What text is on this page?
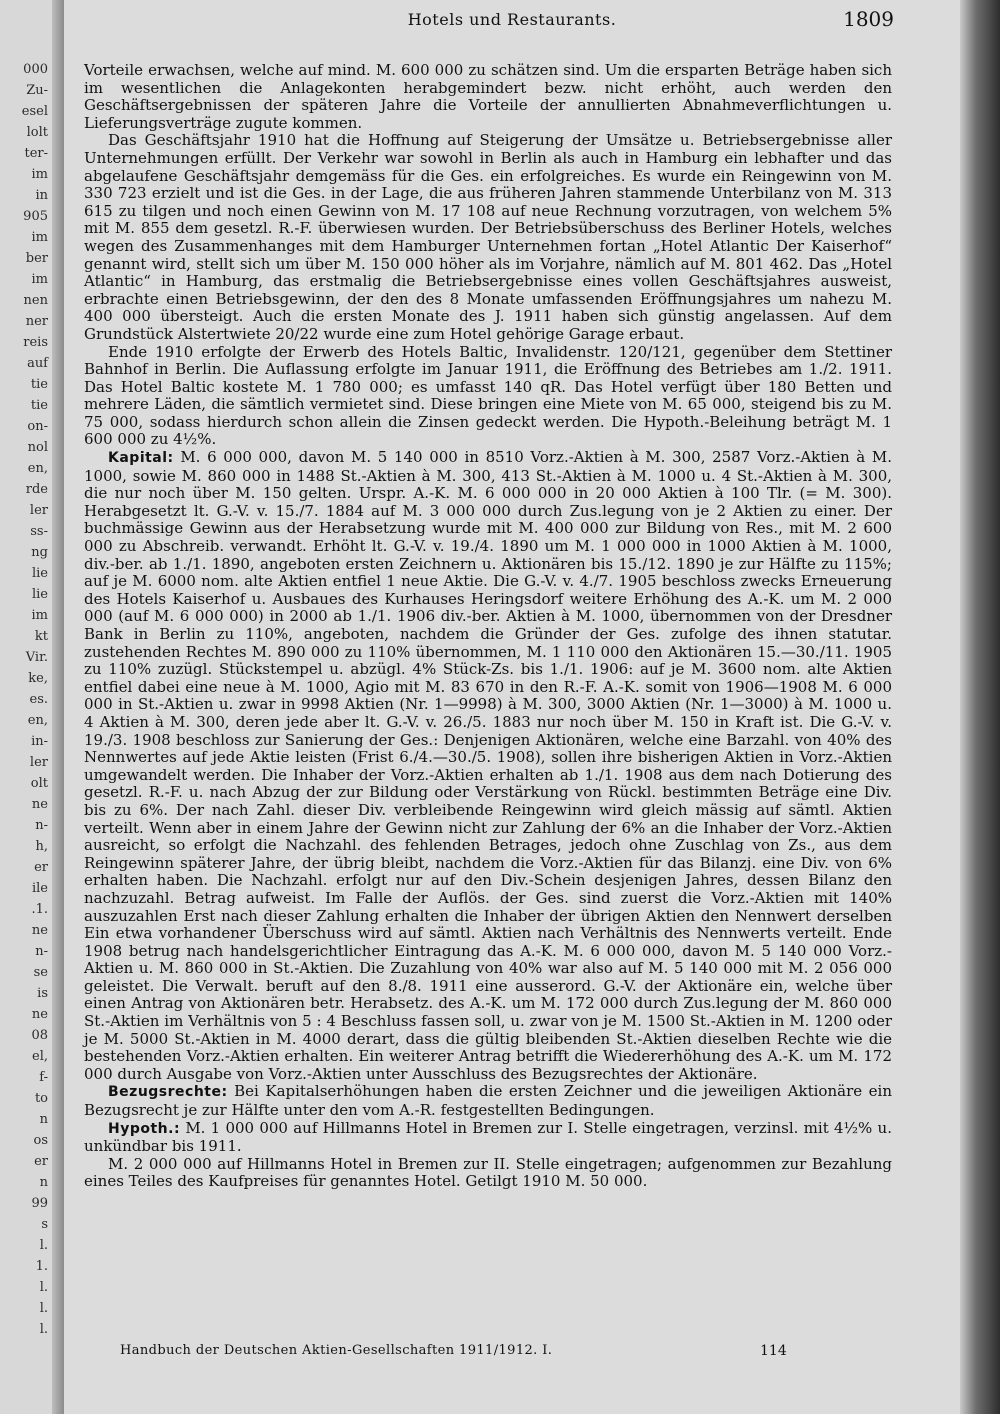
000
Zu-
esel
lolt
ter-
im
in
905
im
ber
im
nen
ner
reis
auf
tie
tie
on-
nol
en,
rde
ler
ss-
ng
lie
lie
im
kt
Vir.
ke,
es.
en,
in-
ler
olt
ne
n-
h,
er
ile
.1.
ne
n-
se
is
ne
08
el,
f-
to
n
os
er
n
99
s
l.
1.
l.
l.
l.
Hotels und Restaurants.	1809

Vorteile erwachsen, welche auf mind. M. 600 000 zu schätzen sind. Um die ersparten Beträge haben sich im wesentlichen die Anlagekonten herabgemindert bezw. nicht erhöht, auch werden den Geschäftsergebnissen der späteren Jahre die Vorteile der annullierten Abnahmeverflichtungen u. Lieferungsverträge zugute kommen.

Das Geschäftsjahr 1910 hat die Hoffnung auf Steigerung der Umsätze u. Betriebsergebnisse aller Unternehmungen erfüllt. Der Verkehr war sowohl in Berlin als auch in Hamburg ein lebhafter und das abgelaufene Geschäftsjahr demgemäss für die Ges. ein erfolgreiches. Es wurde ein Reingewinn von M. 330 723 erzielt und ist die Ges. in der Lage, die aus früheren Jahren stammende Unterbilanz von M. 313 615 zu tilgen und noch einen Gewinn von M. 17 108 auf neue Rechnung vorzutragen, von welchem 5% mit M. 855 dem gesetzl. R.-F. überwiesen wurden. Der Betriebsüberschuss des Berliner Hotels, welches wegen des Zusammenhanges mit dem Hamburger Unternehmen fortan „Hotel Atlantic Der Kaiserhof“ genannt wird, stellt sich um über M. 150 000 höher als im Vorjahre, nämlich auf M. 801 462. Das „Hotel Atlantic“ in Hamburg, das erstmalig die Betriebsergebnisse eines vollen Geschäftsjahres ausweist, erbrachte einen Betriebsgewinn, der den des 8 Monate umfassenden Eröffnungsjahres um nahezu M. 400 000 übersteigt. Auch die ersten Monate des J. 1911 haben sich günstig angelassen. Auf dem Grundstück Alstertwiete 20/22 wurde eine zum Hotel gehörige Garage erbaut.

Ende 1910 erfolgte der Erwerb des Hotels Baltic, Invalidenstr. 120/121, gegenüber dem Stettiner Bahnhof in Berlin. Die Auflassung erfolgte im Januar 1911, die Eröffnung des Betriebes am 1./2. 1911. Das Hotel Baltic kostete M. 1 780 000; es umfasst 140 qR. Das Hotel verfügt über 180 Betten und mehrere Läden, die sämtlich vermietet sind. Diese bringen eine Miete von M. 65 000, steigend bis zu M. 75 000, sodass hierdurch schon allein die Zinsen gedeckt werden. Die Hypoth.-Beleihung beträgt M. 1 600 000 zu 4½%.

Kapital: M. 6 000 000, davon M. 5 140 000 in 8510 Vorz.-Aktien à M. 300, 2587 Vorz.-Aktien à M. 1000, sowie M. 860 000 in 1488 St.-Aktien à M. 300, 413 St.-Aktien à M. 1000 u. 4 St.-Aktien à M. 300, die nur noch über M. 150 gelten. Urspr. A.-K. M. 6 000 000 in 20 000 Aktien à 100 Tlr. (= M. 300). Herabgesetzt lt. G.-V. v. 15./7. 1884 auf M. 3 000 000 durch Zus.legung von je 2 Aktien zu einer. Der buchmässige Gewinn aus der Herabsetzung wurde mit M. 400 000 zur Bildung von Res., mit M. 2 600 000 zu Abschreib. verwandt. Erhöht lt. G.-V. v. 19./4. 1890 um M. 1 000 000 in 1000 Aktien à M. 1000, div.-ber. ab 1./1. 1890, angeboten ersten Zeichnern u. Aktionären bis 15./12. 1890 je zur Hälfte zu 115%; auf je M. 6000 nom. alte Aktien entfiel 1 neue Aktie. Die G.-V. v. 4./7. 1905 beschloss zwecks Erneuerung des Hotels Kaiserhof u. Ausbaues des Kurhauses Heringsdorf weitere Erhöhung des A.-K. um M. 2 000 000 (auf M. 6 000 000) in 2000 ab 1./1. 1906 div.-ber. Aktien à M. 1000, übernommen von der Dresdner Bank in Berlin zu 110%, angeboten, nachdem die Gründer der Ges. zufolge des ihnen statutar. zustehenden Rechtes M. 890 000 zu 110% übernommen, M. 1 110 000 den Aktionären 15.—30./11. 1905 zu 110% zuzügl. Stückstempel u. abzügl. 4% Stück-Zs. bis 1./1. 1906: auf je M. 3600 nom. alte Aktien entfiel dabei eine neue à M. 1000, Agio mit M. 83 670 in den R.-F. A.-K. somit von 1906—1908 M. 6 000 000 in St.-Aktien u. zwar in 9998 Aktien (Nr. 1—9998) à M. 300, 3000 Aktien (Nr. 1—3000) à M. 1000 u. 4 Aktien à M. 300, deren jede aber lt. G.-V. v. 26./5. 1883 nur noch über M. 150 in Kraft ist. Die G.-V. v. 19./3. 1908 beschloss zur Sanierung der Ges.: Denjenigen Aktionären, welche eine Barzahl. von 40% des Nennwertes auf jede Aktie leisten (Frist 6./4.—30./5. 1908), sollen ihre bisherigen Aktien in Vorz.-Aktien umgewandelt werden. Die Inhaber der Vorz.-Aktien erhalten ab 1./1. 1908 aus dem nach Dotierung des gesetzl. R.-F. u. nach Abzug der zur Bildung oder Verstärkung von Rückl. bestimmten Beträge eine Div. bis zu 6%. Der nach Zahl. dieser Div. verbleibende Reingewinn wird gleich mässig auf sämtl. Aktien verteilt. Wenn aber in einem Jahre der Gewinn nicht zur Zahlung der 6% an die Inhaber der Vorz.-Aktien ausreicht, so erfolgt die Nachzahl. des fehlenden Betrages, jedoch ohne Zuschlag von Zs., aus dem Reingewinn späterer Jahre, der übrig bleibt, nachdem die Vorz.-Aktien für das Bilanzj. eine Div. von 6% erhalten haben. Die Nachzahl. erfolgt nur auf den Div.-Schein desjenigen Jahres, dessen Bilanz den nachzuzahl. Betrag aufweist. Im Falle der Auflös. der Ges. sind zuerst die Vorz.-Aktien mit 140% auszuzahlen Erst nach dieser Zahlung erhalten die Inhaber der übrigen Aktien den Nennwert derselben Ein etwa vorhandener Überschuss wird auf sämtl. Aktien nach Verhältnis des Nennwerts verteilt. Ende 1908 betrug nach handelsgerichtlicher Eintragung das A.-K. M. 6 000 000, davon M. 5 140 000 Vorz.-Aktien u. M. 860 000 in St.-Aktien. Die Zuzahlung von 40% war also auf M. 5 140 000 mit M. 2 056 000 geleistet. Die Verwalt. beruft auf den 8./8. 1911 eine ausserord. G.-V. der Aktionäre ein, welche über einen Antrag von Aktionären betr. Herabsetz. des A.-K. um M. 172 000 durch Zus.legung der M. 860 000 St.-Aktien im Verhältnis von 5 : 4 Beschluss fassen soll, u. zwar von je M. 1500 St.-Aktien in M. 1200 oder je M. 5000 St.-Aktien in M. 4000 derart, dass die gültig bleibenden St.-Aktien dieselben Rechte wie die bestehenden Vorz.-Aktien erhalten. Ein weiterer Antrag betrifft die Wiedererhöhung des A.-K. um M. 172 000 durch Ausgabe von Vorz.-Aktien unter Ausschluss des Bezugsrechtes der Aktionäre.

Bezugsrechte: Bei Kapitalserhöhungen haben die ersten Zeichner und die jeweiligen Aktionäre ein Bezugsrecht je zur Hälfte unter den vom A.-R. festgestellten Bedingungen.

Hypoth.: M. 1 000 000 auf Hillmanns Hotel in Bremen zur I. Stelle eingetragen, verzinsl. mit 4½% u. unkündbar bis 1911.

M. 2 000 000 auf Hillmanns Hotel in Bremen zur II. Stelle eingetragen; aufgenommen zur Bezahlung eines Teiles des Kaufpreises für genanntes Hotel. Getilgt 1910 M. 50 000.

Handbuch der Deutschen Aktien-Gesellschaften 1911/1912. I.	114
